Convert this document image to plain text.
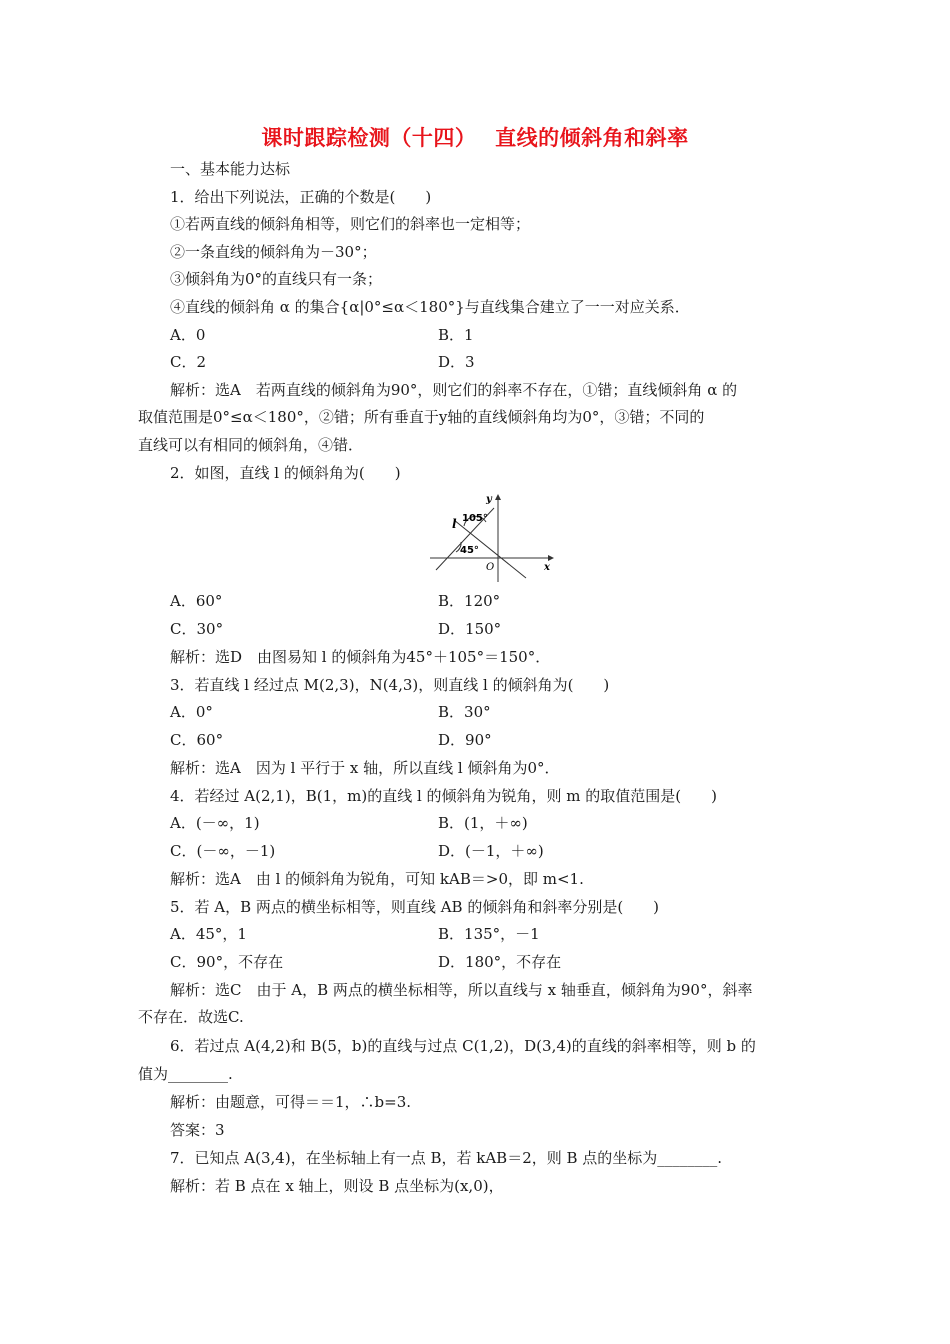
课时跟踪检测（十四）　 直线的倾斜角和斜率
一、基本能力达标
1．给出下列说法，正确的个数是(　　)
①若两直线的倾斜角相等，则它们的斜率也一定相等；
②一条直线的倾斜角为－30°；
③倾斜角为0°的直线只有一条；
④直线的倾斜角 α 的集合{α|0°≤α＜180°}与直线集合建立了一一对应关系．
A．0	B．1
C．2	D．3
解析：选A　若两直线的倾斜角为90°，则它们的斜率不存在，①错；直线倾斜角 α 的
取值范围是0°≤α＜180°，②错；所有垂直于y轴的直线倾斜角均为0°，③错；不同的
直线可以有相同的倾斜角，④错．
2．如图，直线 l 的倾斜角为(　　)
l 105°
45°
O	x
y
A．60°	B．120°
C．30°	D．150°
解析：选D　由图易知 l 的倾斜角为45°＋105°＝150°．
3．若直线 l 经过点 M(2,3)，N(4,3)，则直线 l 的倾斜角为(　　)
A．0°	B．30°
C．60°	D．90°
解析：选A　因为 l 平行于 x 轴，所以直线 l 倾斜角为0°．
4．若经过 A(2,1)，B(1，m)的直线 l 的倾斜角为锐角，则 m 的取值范围是(　　)
A．(－∞，1)	B．(1，＋∞)
C．(－∞，－1)	D．(－1，＋∞)
解析：选A　由 l 的倾斜角为锐角，可知 kAB＝>0，即 m<1.
5．若 A，B 两点的横坐标相等，则直线 AB 的倾斜角和斜率分别是(　　)
A．45°，1	B．135°，－1
C．90°，不存在	D．180°，不存在
解析：选C　由于 A，B 两点的横坐标相等，所以直线与 x 轴垂直，倾斜角为90°，斜率
不存在．故选C.
6．若过点 A(4,2)和 B(5，b)的直线与过点 C(1,2)，D(3,4)的直线的斜率相等，则 b 的
值为________.
解析：由题意，可得＝＝1，∴b=3.
答案：3
7．已知点 A(3,4)，在坐标轴上有一点 B，若 kAB＝2，则 B 点的坐标为________.
解析：若 B 点在 x 轴上，则设 B 点坐标为(x,0)，
